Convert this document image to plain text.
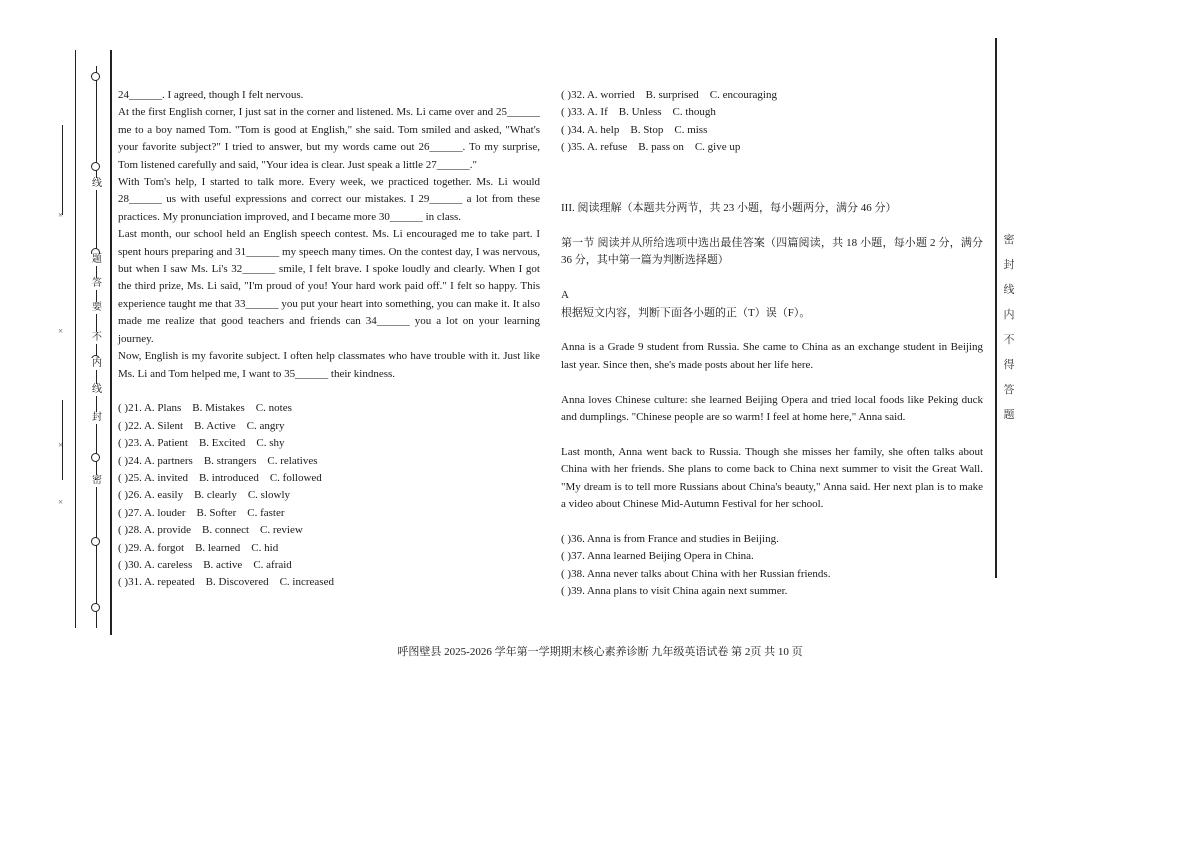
线
题
答
要
不
内
线
封
密
×
×
×
×
密
封
线
内
不
得
答
题

24______. I agreed, though I felt nervous.

At the first English corner, I just sat in the corner and listened. Ms. Li came over and 25______ me to a boy named Tom. "Tom is good at English," she said. Tom smiled and asked, "What's your favorite subject?" I tried to answer, but my words came out 26______. To my surprise, Tom listened carefully and said, "Your idea is clear. Just speak a little 27______."

With Tom's help, I started to talk more. Every week, we practiced together. Ms. Li would 28______ us with useful expressions and correct our mistakes. I 29______ a lot from these practices. My pronunciation improved, and I became more 30______ in class.

Last month, our school held an English speech contest. Ms. Li encouraged me to take part. I spent hours preparing and 31______ my speech many times. On the contest day, I was nervous, but when I saw Ms. Li's 32______ smile, I felt brave. I spoke loudly and clearly. When I got the third prize, Ms. Li said, "I'm proud of you! Your hard work paid off." I felt so happy. This experience taught me that 33______ you put your heart into something, you can make it. It also made me realize that good teachers and friends can 34______ you a lot on your learning journey.

Now, English is my favorite subject. I often help classmates who have trouble with it. Just like Ms. Li and Tom helped me, I want to 35______ their kindness.

( )21. A. Plans    B. Mistakes    C. notes

( )22. A. Silent    B. Active    C. angry

( )23. A. Patient    B. Excited    C. shy

( )24. A. partners    B. strangers    C. relatives

( )25. A. invited    B. introduced    C. followed

( )26. A. easily    B. clearly    C. slowly

( )27. A. louder    B. Softer    C. faster

( )28. A. provide    B. connect    C. review

( )29. A. forgot    B. learned    C. hid

( )30. A. careless    B. active    C. afraid

( )31. A. repeated    B. Discovered    C. increased

( )32. A. worried    B. surprised    C. encouraging

( )33. A. If    B. Unless    C. though

( )34. A. help    B. Stop    C. miss

( )35. A. refuse    B. pass on    C. give up

III. 阅读理解（本题共分两节，共 23 小题，每小题两分，满分 46 分）

第一节 阅读并从所给选项中选出最佳答案（四篇阅读，共 18 小题，每小题 2 分，满分 36 分，其中第一篇为判断选择题）

A

根据短文内容，判断下面各小题的正（T）误（F）。

Anna is a Grade 9 student from Russia. She came to China as an exchange student in Beijing last year. Since then, she's made posts about her life here.

Anna loves Chinese culture: she learned Beijing Opera and tried local foods like Peking duck and dumplings. "Chinese people are so warm! I feel at home here," Anna said.

Last month, Anna went back to Russia. Though she misses her family, she often talks about China with her friends. She plans to come back to China next summer to visit the Great Wall. "My dream is to tell more Russians about China's beauty," Anna said. Her next plan is to make a video about Chinese Mid-Autumn Festival for her school.

( )36. Anna is from France and studies in Beijing.

( )37. Anna learned Beijing Opera in China.

( )38. Anna never talks about China with her Russian friends.

( )39. Anna plans to visit China again next summer.

呼图壁县 2025-2026 学年第一学期期末核心素养诊断 九年级英语试卷 第 2页 共 10 页
